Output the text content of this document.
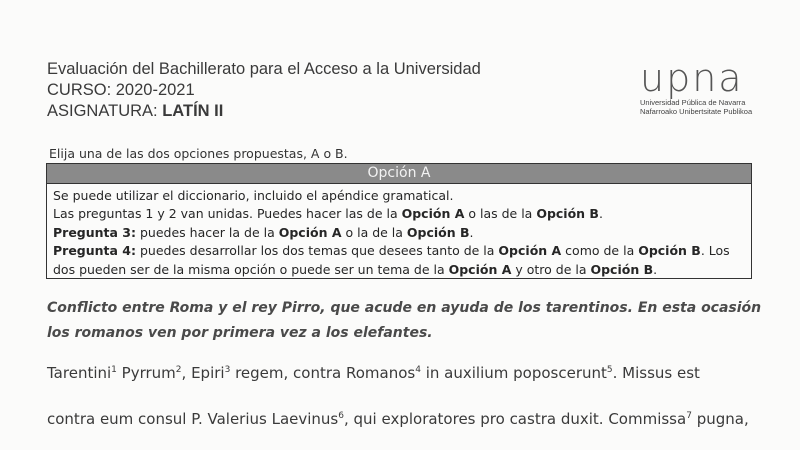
Evaluación del Bachillerato para el Acceso a la Universidad
CURSO: 2020-2021
ASIGNATURA: LATÍN II
upna
Universidad Pública de Navarra
Nafarroako Unibertsitate Publikoa
Elija una de las dos opciones propuestas, A o B.
Opción A

Se puede utilizar el diccionario, incluido el apéndice gramatical.

Las preguntas 1 y 2 van unidas. Puedes hacer las de la Opción A o las de la Opción B.

Pregunta 3: puedes hacer la de la Opción A o la de la Opción B.

Pregunta 4: puedes desarrollar los dos temas que desees tanto de la Opción A como de la Opción B. Los

dos pueden ser de la misma opción o puede ser un tema de la Opción A y otro de la Opción B.

Conflicto entre Roma y el rey Pirro, que acude en ayuda de los tarentinos. En esta ocasión los romanos ven por primera vez a los elefantes.
Tarentini$^1$ Pyrrum$^2$, Epiri$^3$ regem, contra Romanos$^4$ in auxilium poposcerunt$^5$. Missus est
contra eum consul P. Valerius Laevinus$^6$, qui exploratores pro castra duxit. Commissa$^7$ pugna,
